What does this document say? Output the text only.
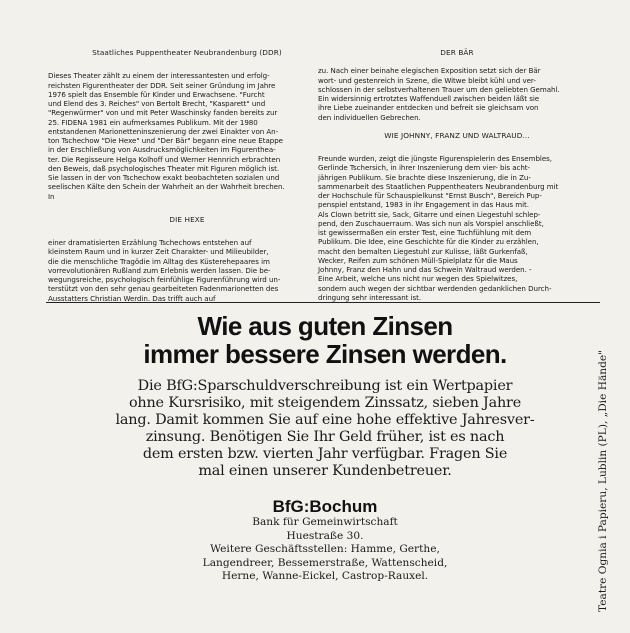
Staatliches Puppentheater Neubrandenburg (DDR)

Dieses Theater zählt zu einem der interessantesten und erfolg-

reichsten Figurentheater der DDR. Seit seiner Gründung im Jahre

1976 spielt das Ensemble für Kinder und Erwachsene. "Furcht

und Elend des 3. Reiches" von Bertolt Brecht, "Kasparett" und

"Regenwürmer" von und mit Peter Waschinsky fanden bereits zur

25. FIDENA 1981 ein aufmerksames Publikum. Mit der 1980

entstandenen Marionetteninszenierung der zwei Einakter von An-

ton Tschechow "Die Hexe" und "Der Bär" begann eine neue Etappe

in der Erschließung von Ausdrucksmöglichkeiten im Figurenthea-

ter. Die Regisseure Helga Kolhoff und Werner Hennrich erbrachten

den Beweis, daß psychologisches Theater mit Figuren möglich ist.

Sie lassen in der von Tschechow exakt beobachteten sozialen und

seelischen Kälte den Schein der Wahrheit an der Wahrheit brechen.

In

DIE HEXE

einer dramatisierten Erzählung Tschechows entstehen auf

kleinstem Raum und in kurzer Zeit Charakter- und Milieubilder,

die die menschliche Tragödie im Alltag des Küsterehepaares im

vorrevolutionären Rußland zum Erlebnis werden lassen. Die be-

wegungsreiche, psychologisch feinfühlige Figurenführung wird un-

terstützt von den sehr genau gearbeiteten Fadenmarionetten des

Ausstatters Christian Werdin. Das trifft auch auf

DER BÄR

zu. Nach einer beinahe elegischen Exposition setzt sich der Bär

wort- und gestenreich in Szene, die Witwe bleibt kühl und ver-

schlossen in der selbstverhaltenen Trauer um den geliebten Gemahl.

Ein widersinnig ertrotztes Waffenduell zwischen beiden läßt sie

ihre Liebe zueinander entdecken und befreit sie gleichsam von

den individuellen Gebrechen.

WIE JOHNNY, FRANZ UND WALTRAUD...

Freunde wurden, zeigt die jüngste Figurenspielerin des Ensembles,

Gerlinde Tschersich, in ihrer Inszenierung dem vier- bis acht-

jährigen Publikum. Sie brachte diese Inszenierung, die in Zu-

sammenarbeit des Staatlichen Puppentheaters Neubrandenburg mit

der Hochschule für Schauspielkunst "Ernst Busch", Bereich Pup-

penspiel entstand, 1983 in ihr Engagement in das Haus mit.

Als Clown betritt sie, Sack, Gitarre und einen Liegestuhl schlep-

pend, den Zuschauerraum. Was sich nun als Vorspiel anschließt,

ist gewissermaßen ein erster Test, eine Tuchfühlung mit dem

Publikum. Die Idee, eine Geschichte für die Kinder zu erzählen,

macht den bemalten Liegestuhl zur Kulisse, läßt Gurkenfaß,

Wecker, Reifen zum schönen Müll-Spielplatz für die Maus

Johnny, Franz den Hahn und das Schwein Waltraud werden. -

Eine Arbeit, welche uns nicht nur wegen des Spielwitzes,

sondern auch wegen der sichtbar werdenden gedanklichen Durch-

dringung sehr interessant ist.

Wie aus guten Zinsen
immer bessere Zinsen werden.
Die BfG:Sparschuldverschreibung ist ein Wertpapier
ohne Kursrisiko, mit steigendem Zinssatz, sieben Jahre
lang. Damit kommen Sie auf eine hohe effektive Jahresver-
zinsung. Benötigen Sie Ihr Geld früher, ist es nach
dem ersten bzw. vierten Jahr verfügbar. Fragen Sie
mal einen unserer Kundenbetreuer.
BfG:Bochum
Bank für Gemeinwirtschaft
Huestraße 30.
Weitere Geschäftsstellen: Hamme, Gerthe,
Langendreer, Bessemerstraße, Wattenscheid,
Herne, Wanne-Eickel, Castrop-Rauxel.	Teatre Ognia i Papieru, Lublin (PL), „Die Hände"
